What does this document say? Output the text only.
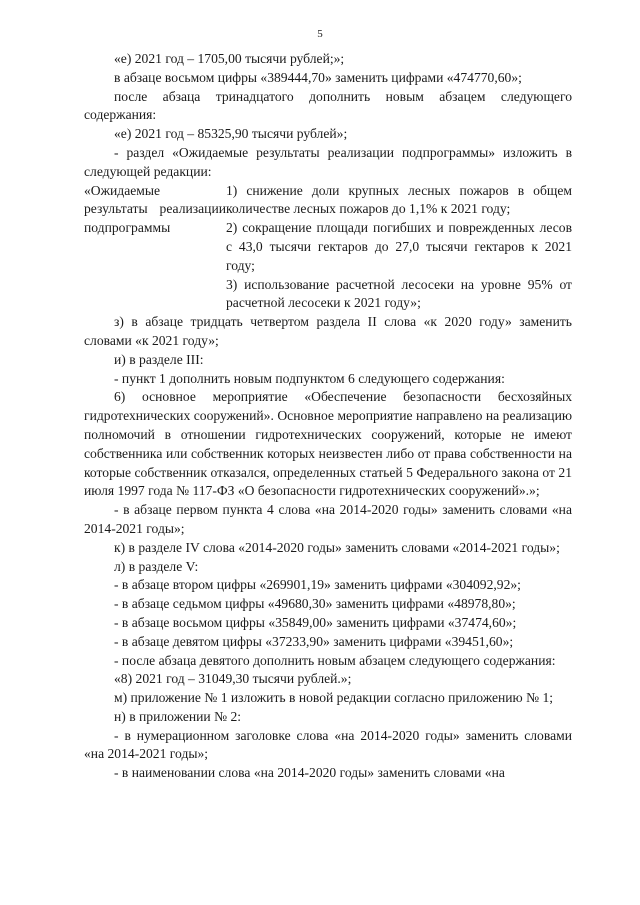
5

«е) 2021 год – 1705,00 тысячи рублей;»;

в абзаце восьмом цифры «389444,70» заменить цифрами «474770,60»;

после абзаца тринадцатого дополнить новым абзацем следующего содержания:

«е) 2021 год – 85325,90 тысячи рублей»;

- раздел «Ожидаемые результаты реализации подпрограммы» изложить в следующей редакции:

«Ожидаемые результаты реализации подпрограммы

1) снижение доли крупных лесных пожаров в общем количестве лесных пожаров до 1,1% к 2021 году;

2) сокращение площади погибших и поврежденных лесов с 43,0 тысячи гектаров до 27,0 тысячи гектаров к 2021 году;

3) использование расчетной лесосеки на уровне 95% от расчетной лесосеки к 2021 году»;

з) в абзаце тридцать четвертом раздела II слова «к 2020 году» заменить словами «к 2021 году»;

и) в разделе III:

- пункт 1 дополнить новым подпунктом 6 следующего содержания:

6) основное мероприятие «Обеспечение безопасности бесхозяйных гидротехнических сооружений». Основное мероприятие направлено на реализацию полномочий в отношении гидротехнических сооружений, которые не имеют собственника или собственник которых неизвестен либо от права собственности на которые собственник отказался, определенных статьей 5 Федерального закона от 21 июля 1997 года № 117-ФЗ «О безопасности гидротехнических сооружений».»;

- в абзаце первом пункта 4 слова «на 2014-2020 годы» заменить словами «на 2014-2021 годы»;

к) в разделе IV слова «2014-2020 годы» заменить словами «2014-2021 годы»;

л) в разделе V:

- в абзаце втором цифры «269901,19» заменить цифрами «304092,92»;

- в абзаце седьмом цифры «49680,30» заменить цифрами «48978,80»;

- в абзаце восьмом цифры «35849,00» заменить цифрами «37474,60»;

- в абзаце девятом цифры «37233,90» заменить цифрами «39451,60»;

- после абзаца девятого дополнить новым абзацем следующего содержания:

«8) 2021 год – 31049,30 тысячи рублей.»;

м) приложение № 1 изложить в новой редакции согласно приложению № 1;

н) в приложении № 2:

- в нумерационном заголовке слова «на 2014-2020 годы» заменить словами «на 2014-2021 годы»;

- в наименовании слова «на 2014-2020 годы» заменить словами «на
